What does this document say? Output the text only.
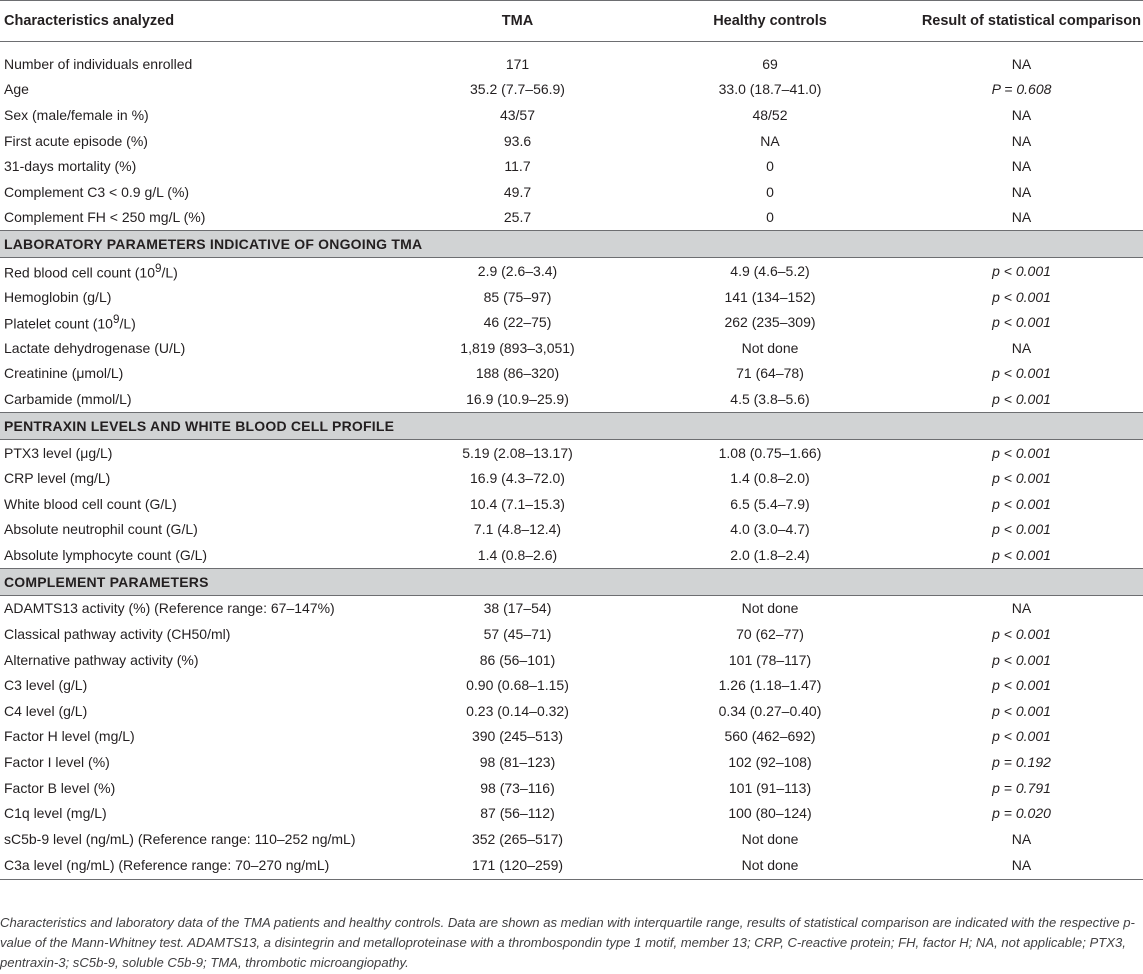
Characteristics analyzed	TMA	Healthy controls	Result of statistical comparison

Number of individuals enrolled	171	69	NA
Age	35.2 (7.7–56.9)	33.0 (18.7–41.0)	P = 0.608
Sex (male/female in %)	43/57	48/52	NA
First acute episode (%)	93.6	NA	NA
31-days mortality (%)	11.7	0	NA
Complement C3 < 0.9 g/L (%)	49.7	0	NA
Complement FH < 250 mg/L (%)	25.7	0	NA
LABORATORY PARAMETERS INDICATIVE OF ONGOING TMA			
Red blood cell count $(10^9/L)$	2.9 (2.6–3.4)	4.9 (4.6–5.2)	p < 0.001
Hemoglobin (g/L)	85 (75–97)	141 (134–152)	p < 0.001
Platelet count $(10^9/L)$	46 (22–75)	262 (235–309)	p < 0.001
Lactate dehydrogenase (U/L)	1,819 (893–3,051)	Not done	NA
Creatinine (μmol/L)	188 (86–320)	71 (64–78)	p < 0.001
Carbamide (mmol/L)	16.9 (10.9–25.9)	4.5 (3.8–5.6)	p < 0.001
PENTRAXIN LEVELS AND WHITE BLOOD CELL PROFILE			
PTX3 level (μg/L)	5.19 (2.08–13.17)	1.08 (0.75–1.66)	p < 0.001
CRP level (mg/L)	16.9 (4.3–72.0)	1.4 (0.8–2.0)	p < 0.001
White blood cell count (G/L)	10.4 (7.1–15.3)	6.5 (5.4–7.9)	p < 0.001
Absolute neutrophil count (G/L)	7.1 (4.8–12.4)	4.0 (3.0–4.7)	p < 0.001
Absolute lymphocyte count (G/L)	1.4 (0.8–2.6)	2.0 (1.8–2.4)	p < 0.001
COMPLEMENT PARAMETERS			
ADAMTS13 activity (%) (Reference range: 67–147%)	38 (17–54)	Not done	NA
Classical pathway activity (CH50/ml)	57 (45–71)	70 (62–77)	p < 0.001
Alternative pathway activity (%)	86 (56–101)	101 (78–117)	p < 0.001
C3 level (g/L)	0.90 (0.68–1.15)	1.26 (1.18–1.47)	p < 0.001
C4 level (g/L)	0.23 (0.14–0.32)	0.34 (0.27–0.40)	p < 0.001
Factor H level (mg/L)	390 (245–513)	560 (462–692)	p < 0.001
Factor I level (%)	98 (81–123)	102 (92–108)	p = 0.192
Factor B level (%)	98 (73–116)	101 (91–113)	p = 0.791
C1q level (mg/L)	87 (56–112)	100 (80–124)	p = 0.020
sC5b-9 level (ng/mL) (Reference range: 110–252 ng/mL)	352 (265–517)	Not done	NA
C3a level (ng/mL) (Reference range: 70–270 ng/mL)	171 (120–259)	Not done	NA
Characteristics and laboratory data of the TMA patients and healthy controls. Data are shown as median with interquartile range, results of statistical comparison are indicated with the respective p-value of the Mann-Whitney test. ADAMTS13, a disintegrin and metalloproteinase with a thrombospondin type 1 motif, member 13; CRP, C-reactive protein; FH, factor H; NA, not applicable; PTX3, pentraxin-3; sC5b-9, soluble C5b-9; TMA, thrombotic microangiopathy.
